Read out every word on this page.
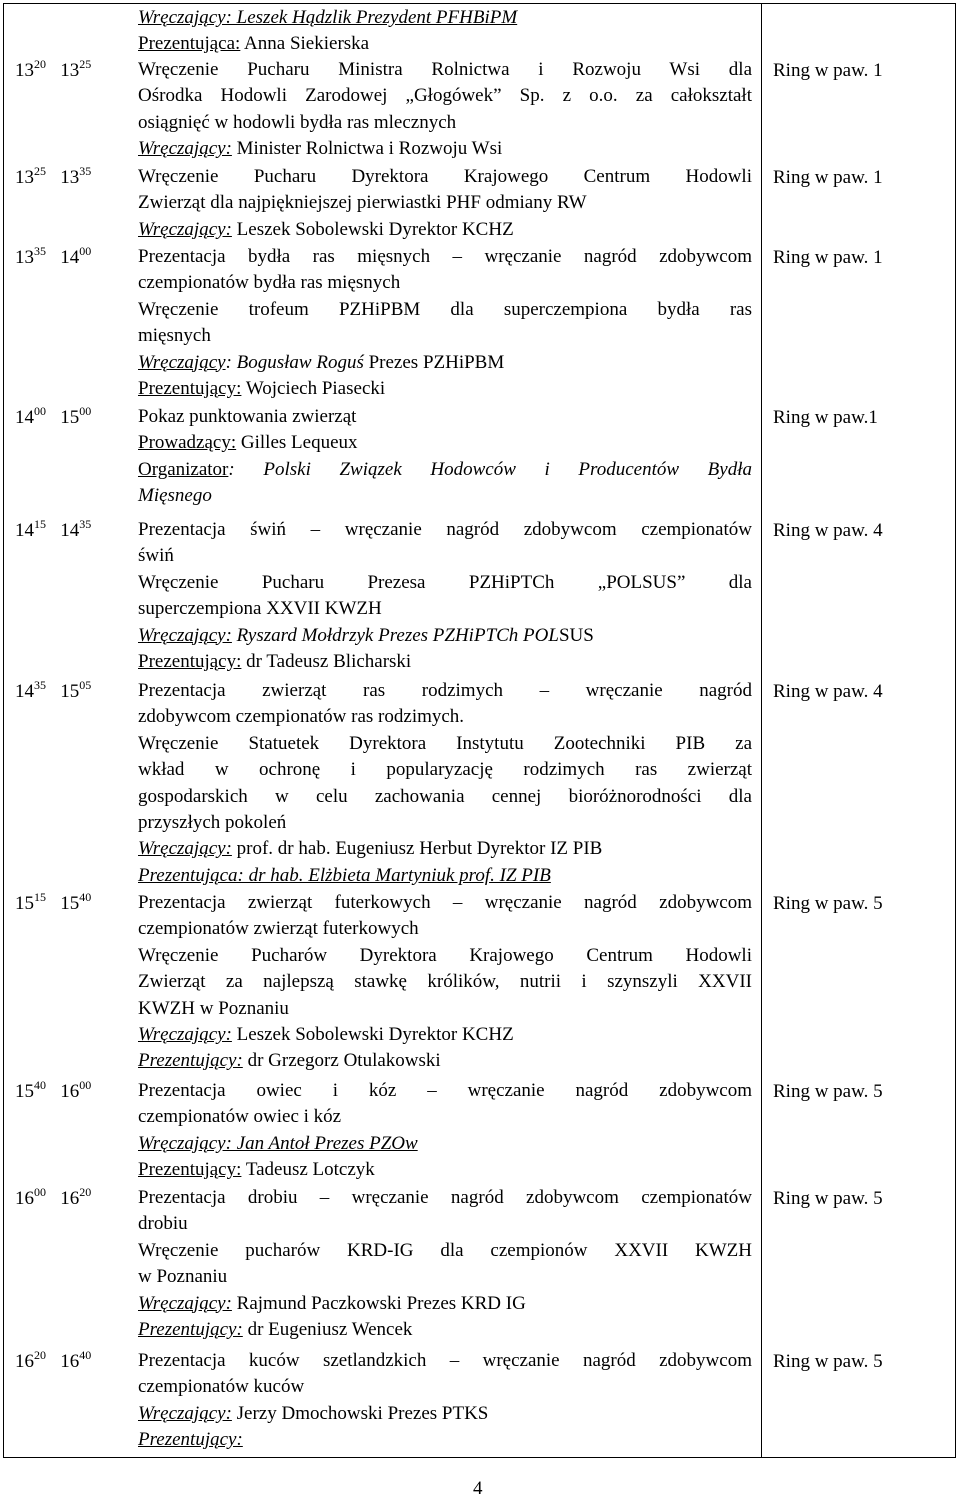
Wręczający: Leszek Hądzlik Prezydent PFHBiPM
Prezentująca: Anna Siekierska
$13^{20}$ $13^{25}$ Wręczenie Pucharu Ministra Rolnictwa i Rozwoju Wsi dla
Ośrodka Hodowli Zarodowej „Głogówek” Sp. z o.o. za całokształt
osiągnięć w hodowli bydła ras mlecznych
Wręczający: Minister Rolnictwa i Rozwoju Wsi
Ring w paw. 1
$13^{25}$ $13^{35}$ Wręczenie Pucharu Dyrektora Krajowego Centrum Hodowli
Zwierząt dla najpiękniejszej pierwiastki PHF odmiany RW
Wręczający: Leszek Sobolewski Dyrektor KCHZ
Ring w paw. 1
$13^{35}$ $14^{00}$ Prezentacja bydła ras mięsnych – wręczanie nagród zdobywcom
czempionatów bydła ras mięsnych
Wręczenie trofeum PZHiPBM dla superczempiona bydła ras
mięsnych
Wręczający: Bogusław Roguś Prezes PZHiPBM
Prezentujący: Wojciech Piasecki
Ring w paw. 1
$14^{00}$ $15^{00}$ Pokaz punktowania zwierząt
Prowadzący: Gilles Lequeux
Organizator: Polski Związek Hodowców i Producentów Bydła
Mięsnego
Ring w paw.1
$14^{15}$ $14^{35}$ Prezentacja świń – wręczanie nagród zdobywcom czempionatów
świń
Wręczenie Pucharu Prezesa PZHiPTCh „POLSUS” dla
superczempiona XXVII KWZH
Wręczający: Ryszard Mołdrzyk Prezes PZHiPTCh POLSUS
Prezentujący: dr Tadeusz Blicharski
Ring w paw. 4
$14^{35}$ $15^{05}$ Prezentacja zwierząt ras rodzimych – wręczanie nagród
zdobywcom czempionatów ras rodzimych.
Wręczenie Statuetek Dyrektora Instytutu Zootechniki PIB za
wkład w ochronę i popularyzację rodzimych ras zwierząt
gospodarskich w celu zachowania cennej bioróżnorodności dla
przyszłych pokoleń
Wręczający: prof. dr hab. Eugeniusz Herbut Dyrektor IZ PIB
Prezentująca: dr hab. Elżbieta Martyniuk prof. IZ PIB
Ring w paw. 4
$15^{15}$ $15^{40}$ Prezentacja zwierząt futerkowych – wręczanie nagród zdobywcom
czempionatów zwierząt futerkowych
Wręczenie Pucharów Dyrektora Krajowego Centrum Hodowli
Zwierząt za najlepszą stawkę królików, nutrii i szynszyli XXVII
KWZH w Poznaniu
Wręczający: Leszek Sobolewski Dyrektor KCHZ
Prezentujący: dr Grzegorz Otulakowski
Ring w paw. 5
$15^{40}$ $16^{00}$ Prezentacja owiec i kóz – wręczanie nagród zdobywcom
czempionatów owiec i kóz
Wręczający: Jan Antoł Prezes PZOw
Prezentujący: Tadeusz Lotczyk
Ring w paw. 5
$16^{00}$ $16^{20}$ Prezentacja drobiu – wręczanie nagród zdobywcom czempionatów
drobiu
Wręczenie pucharów KRD-IG dla czempionów XXVII KWZH
w Poznaniu
Wręczający: Rajmund Paczkowski Prezes KRD IG
Prezentujący: dr Eugeniusz Wencek
Ring w paw. 5
$16^{20}$ $16^{40}$ Prezentacja kuców szetlandzkich – wręczanie nagród zdobywcom
czempionatów kuców
Wręczający: Jerzy Dmochowski Prezes PTKS
Prezentujący:
Ring w paw. 5
4
